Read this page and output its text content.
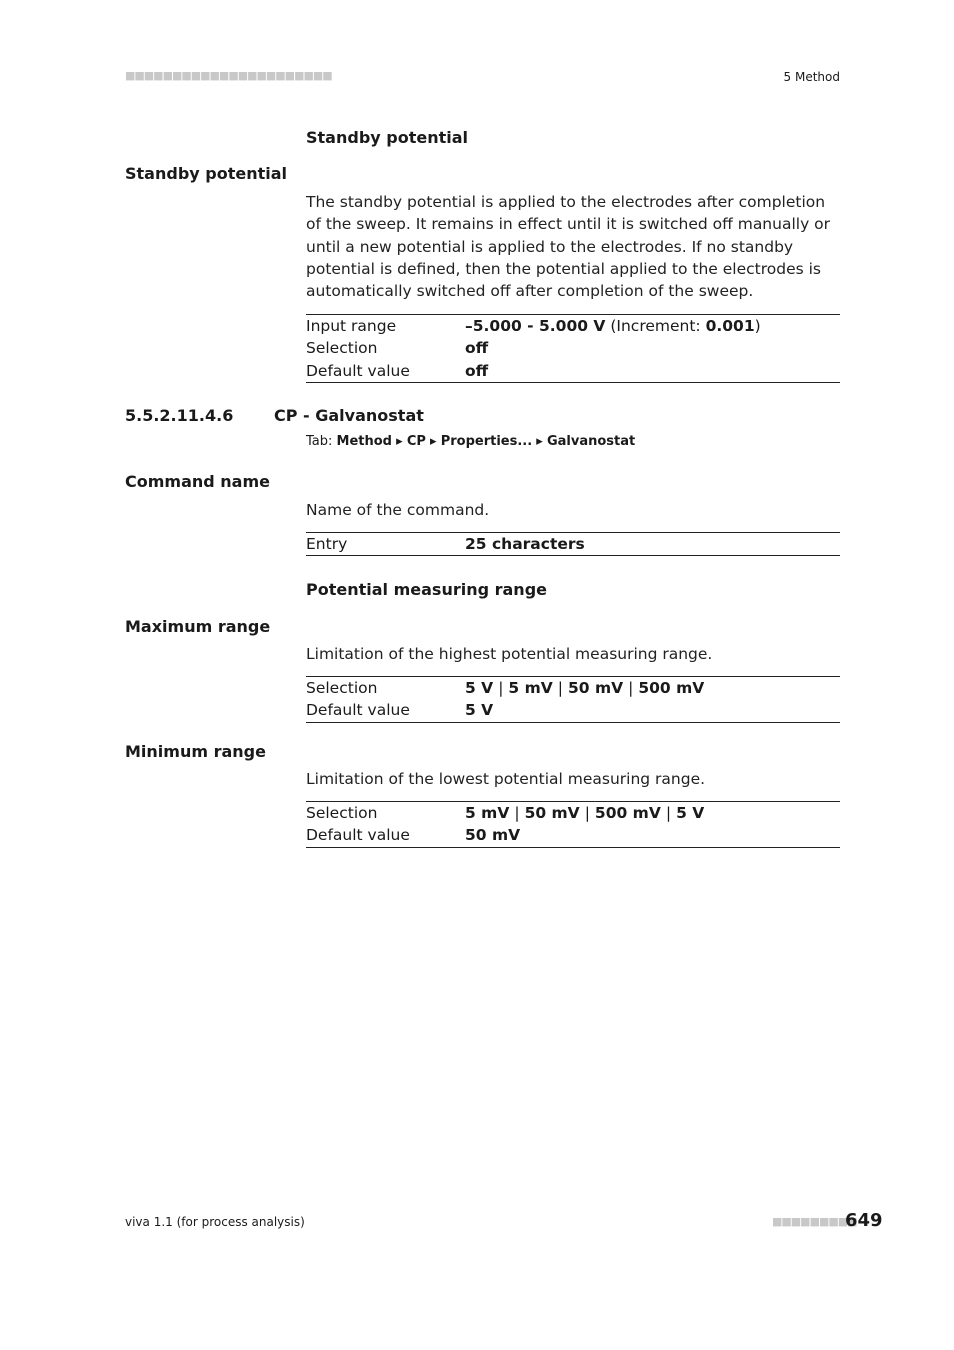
■■■■■■■■■■■■■■■■■■■■■■	5 Method
Standby potential
Standby potential
The standby potential is applied to the electrodes after completion of the sweep. It remains in effect until it is switched off manually or until a new potential is applied to the electrodes. If no standby potential is defined, then the potential applied to the electrodes is automatically switched off after completion of the sweep.
Input range	–5.000 - 5.000 V (Increment: 0.001)
Selection	off
Default value	off
5.5.2.11.4.6	CP - Galvanostat
Tab: Method ▸ CP ▸ Properties... ▸ Galvanostat
Command name
Name of the command.
Entry	25 characters
Potential measuring range
Maximum range
Limitation of the highest potential measuring range.
Selection	5 V | 5 mV | 50 mV | 500 mV
Default value	5 V
Minimum range
Limitation of the lowest potential measuring range.
Selection	5 mV | 50 mV | 500 mV | 5 V
Default value	50 mV
viva 1.1 (for process analysis)	■■■■■■■■■
649
